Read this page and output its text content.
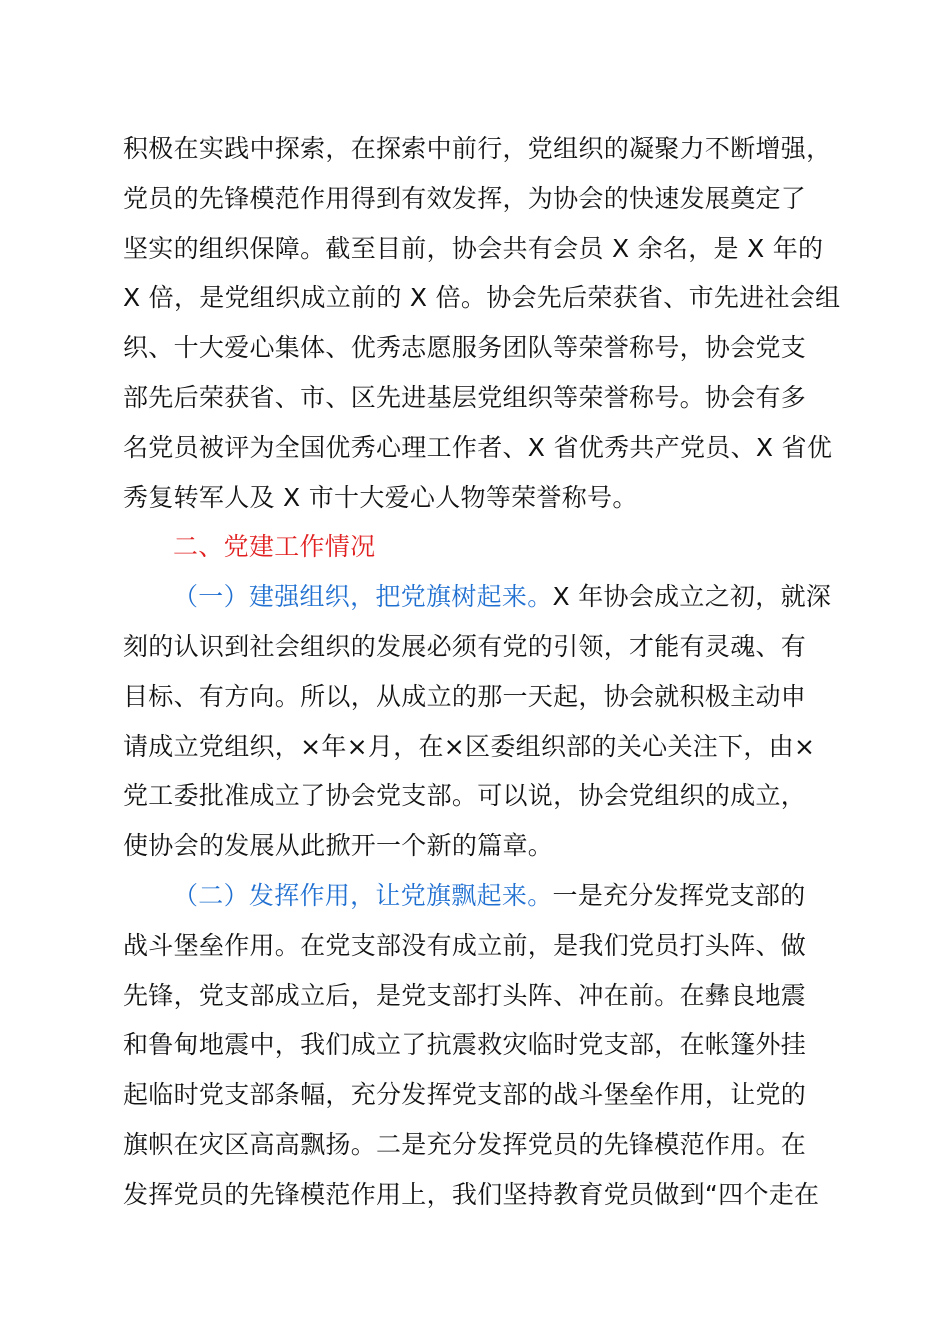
积极在实践中探索，在探索中前行，党组织的凝聚力不断增强，
党员的先锋模范作用得到有效发挥，为协会的快速发展奠定了
坚实的组织保障。截至目前，协会共有会员 X 余名，是 X 年的
X 倍，是党组织成立前的 X 倍。协会先后荣获省、市先进社会组
织、十大爱心集体、优秀志愿服务团队等荣誉称号，协会党支
部先后荣获省、市、区先进基层党组织等荣誉称号。协会有多
名党员被评为全国优秀心理工作者、X 省优秀共产党员、X 省优
秀复转军人及 X 市十大爱心人物等荣誉称号。
二、党建工作情况
（一）建强组织，把党旗树起来。X 年协会成立之初，就深
刻的认识到社会组织的发展必须有党的引领，才能有灵魂、有
目标、有方向。所以，从成立的那一天起，协会就积极主动申
请成立党组织，×年×月，在×区委组织部的关心关注下，由×
党工委批准成立了协会党支部。可以说，协会党组织的成立，
使协会的发展从此掀开一个新的篇章。
（二）发挥作用，让党旗飘起来。一是充分发挥党支部的
战斗堡垒作用。在党支部没有成立前，是我们党员打头阵、做
先锋，党支部成立后，是党支部打头阵、冲在前。在彝良地震
和鲁甸地震中，我们成立了抗震救灾临时党支部，在帐篷外挂
起临时党支部条幅，充分发挥党支部的战斗堡垒作用，让党的
旗帜在灾区高高飘扬。二是充分发挥党员的先锋模范作用。在
发挥党员的先锋模范作用上，我们坚持教育党员做到“四个走在
